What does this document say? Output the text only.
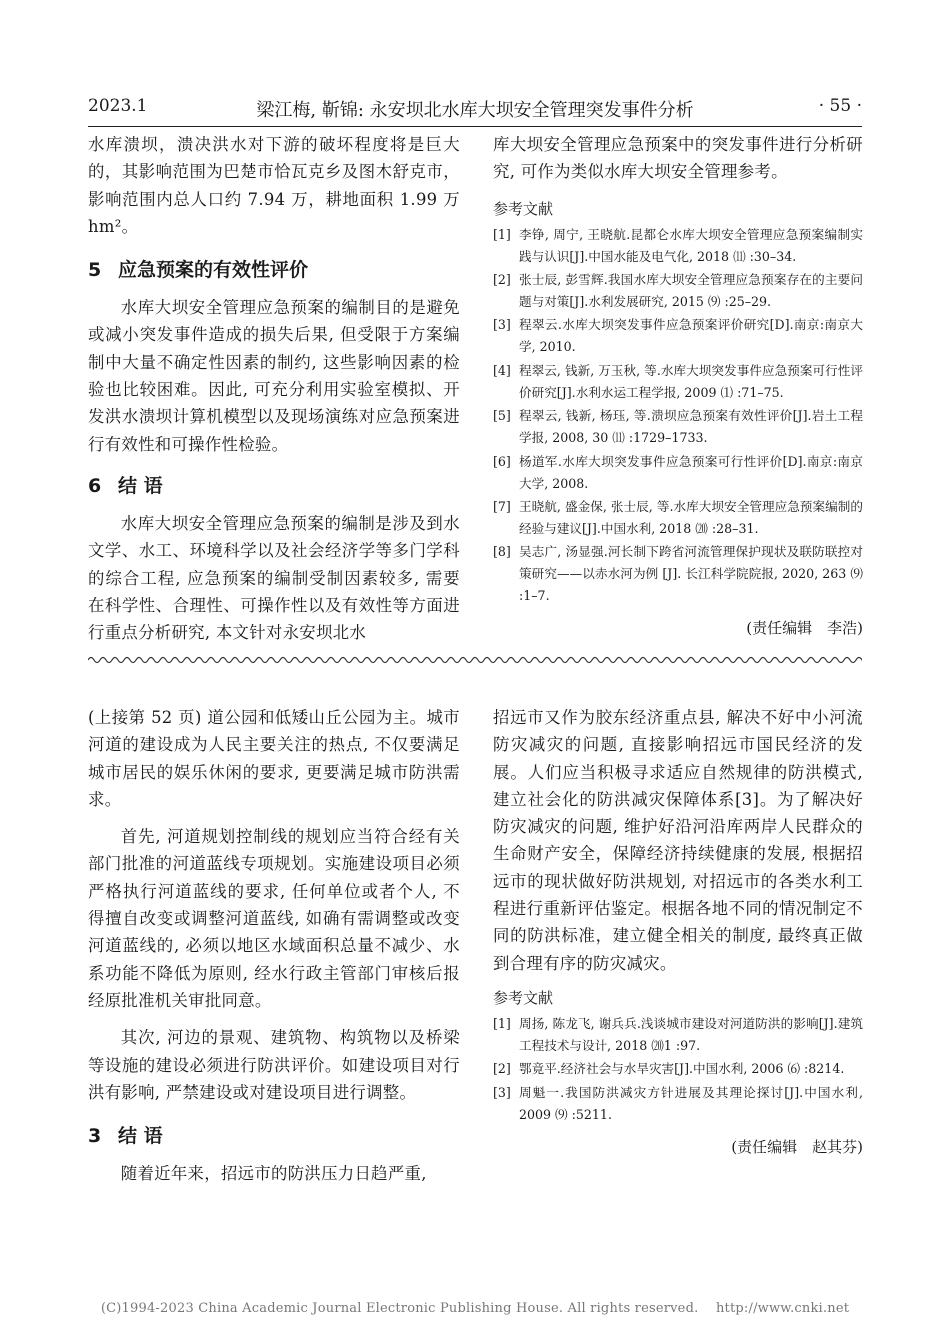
2023.1	梁江梅, 靳锦: 永安坝北水库大坝安全管理突发事件分析	· 55 ·

水库溃坝，溃决洪水对下游的破坏程度将是巨大的，其影响范围为巴楚市恰瓦克乡及图木舒克市，影响范围内总人口约 7.94 万，耕地面积 1.99 万 hm²。

5 应急预案的有效性评价

水库大坝安全管理应急预案的编制目的是避免或减小突发事件造成的损失后果, 但受限于方案编制中大量不确定性因素的制约, 这些影响因素的检验也比较困难。因此, 可充分利用实验室模拟、开发洪水溃坝计算机模型以及现场演练对应急预案进行有效性和可操作性检验。

6 结 语

水库大坝安全管理应急预案的编制是涉及到水文学、水工、环境科学以及社会经济学等多门学科的综合工程, 应急预案的编制受制因素较多, 需要在科学性、合理性、可操作性以及有效性等方面进行重点分析研究, 本文针对永安坝北水

库大坝安全管理应急预案中的突发事件进行分析研究, 可作为类似水库大坝安全管理参考。

参考文献

[1] 李铮, 周宁, 王晓航.昆都仑水库大坝安全管理应急预案编制实践与认识[J].中国水能及电气化, 2018 ⑾ :30–34.

[2] 张士辰, 彭雪辉.我国水库大坝安全管理应急预案存在的主要问题与对策[J].水利发展研究, 2015 ⑼ :25–29.

[3] 程翠云.水库大坝突发事件应急预案评价研究[D].南京:南京大学, 2010.

[4] 程翠云, 钱新, 万玉秋, 等.水库大坝突发事件应急预案可行性评价研究[J].水利水运工程学报, 2009 ⑴ :71–75.

[5] 程翠云, 钱新, 杨珏, 等.溃坝应急预案有效性评价[J].岩土工程学报, 2008, 30 ⑾ :1729–1733.

[6] 杨道军.水库大坝突发事件应急预案可行性评价[D].南京:南京大学, 2008.

[7] 王晓航, 盛金保, 张士辰, 等.水库大坝安全管理应急预案编制的经验与建议[J].中国水利, 2018 ⒇ :28–31.

[8] 吴志广, 汤显强.河长制下跨省河流管理保护现状及联防联控对策研究——以赤水河为例 [J]. 长江科学院院报, 2020, 263 ⑼ :1–7.

(责任编辑　李浩)

(上接第 52 页) 道公园和低矮山丘公园为主。城市河道的建设成为人民主要关注的热点, 不仅要满足城市居民的娱乐休闲的要求, 更要满足城市防洪需求。

首先, 河道规划控制线的规划应当符合经有关部门批准的河道蓝线专项规划。实施建设项目必须严格执行河道蓝线的要求, 任何单位或者个人, 不得擅自改变或调整河道蓝线, 如确有需调整或改变河道蓝线的, 必须以地区水域面积总量不减少、水系功能不降低为原则, 经水行政主管部门审核后报经原批准机关审批同意。

其次, 河边的景观、建筑物、构筑物以及桥梁等设施的建设必须进行防洪评价。如建设项目对行洪有影响, 严禁建设或对建设项目进行调整。

3 结 语

随着近年来，招远市的防洪压力日趋严重,

招远市又作为胶东经济重点县, 解决不好中小河流防灾减灾的问题, 直接影响招远市国民经济的发展。人们应当积极寻求适应自然规律的防洪模式, 建立社会化的防洪减灾保障体系[3]。为了解决好防灾减灾的问题, 维护好沿河沿库两岸人民群众的生命财产安全，保障经济持续健康的发展, 根据招远市的现状做好防洪规划, 对招远市的各类水利工程进行重新评估鉴定。根据各地不同的情况制定不同的防洪标准，建立健全相关的制度, 最终真正做到合理有序的防灾减灾。

参考文献

[1] 周扬, 陈龙飞, 谢兵兵.浅谈城市建设对河道防洪的影响[J].建筑工程技术与设计, 2018 ⒇1 :97.

[2] 鄂竟平.经济社会与水旱灾害[J].中国水利, 2006 ⑹ :8214.

[3] 周魁一.我国防洪减灾方针进展及其理论探讨[J].中国水利, 2009 ⑼ :5211.

(责任编辑　赵其芬)

(C)1994-2023 China Academic Journal Electronic Publishing House. All rights reserved.　 http://www.cnki.net
